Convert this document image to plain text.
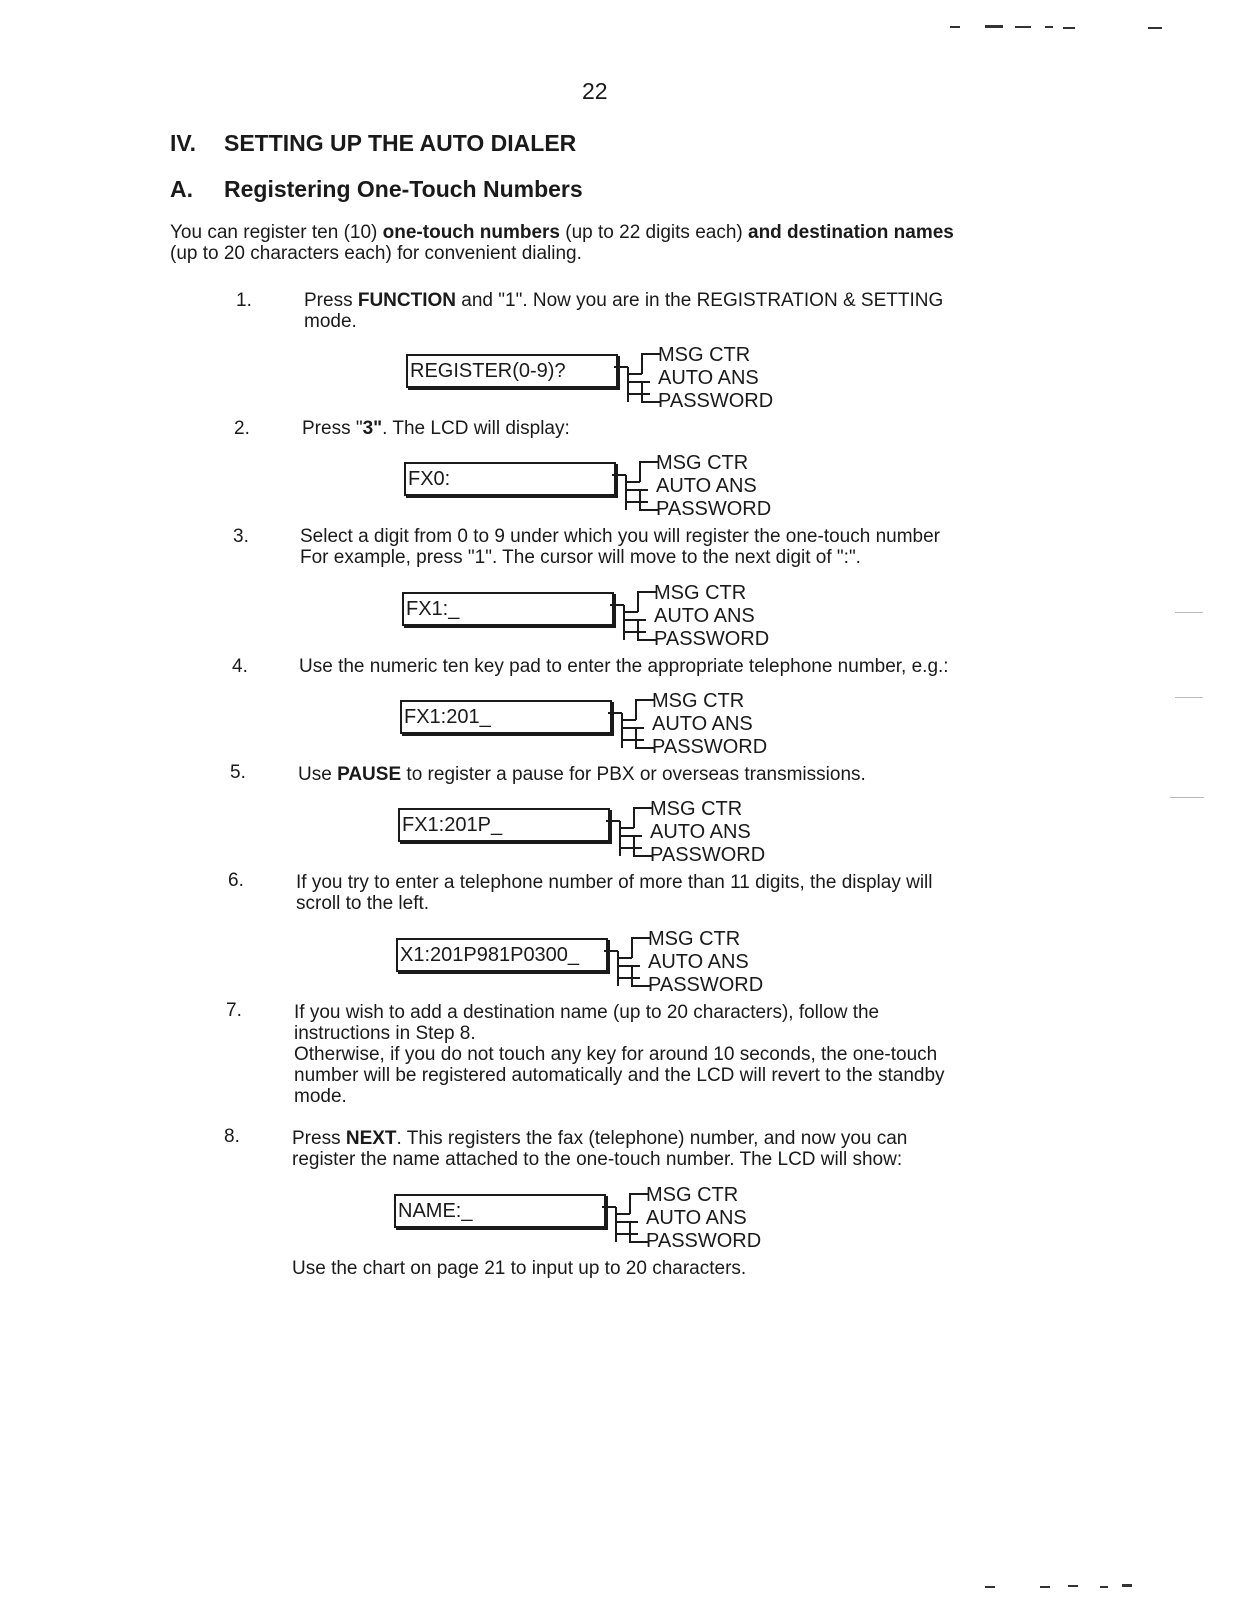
22
IV. SETTING UP THE AUTO DIALER
A. Registering One-Touch Numbers
You can register ten (10) one-touch numbers (up to 22 digits each) and destination names
(up to 20 characters each) for convenient dialing.
1.	Press FUNCTION and "1". Now you are in the REGISTRATION & SETTING
mode.
REGISTER(0-9)?
MSG CTR
AUTO ANS
PASSWORD
2.	Press "3". The LCD will display:
FX0:
MSG CTR
AUTO ANS
PASSWORD
3.	Select a digit from 0 to 9 under which you will register the one-touch number
For example, press "1". The cursor will move to the next digit of ":".
FX1:_
MSG CTR
AUTO ANS
PASSWORD
4.	Use the numeric ten key pad to enter the appropriate telephone number, e.g.:
FX1:201_
MSG CTR
AUTO ANS
PASSWORD
5.	Use PAUSE to register a pause for PBX or overseas transmissions.
FX1:201P_
MSG CTR
AUTO ANS
PASSWORD
6.	If you try to enter a telephone number of more than 11 digits, the display will
scroll to the left.
X1:201P981P0300_
MSG CTR
AUTO ANS
PASSWORD
7.	If you wish to add a destination name (up to 20 characters), follow the
instructions in Step 8.
Otherwise, if you do not touch any key for around 10 seconds, the one-touch
number will be registered automatically and the LCD will revert to the standby
mode.
8.	Press NEXT. This registers the fax (telephone) number, and now you can
register the name attached to the one-touch number. The LCD will show:
NAME:_
MSG CTR
AUTO ANS
PASSWORD
Use the chart on page 21 to input up to 20 characters.
